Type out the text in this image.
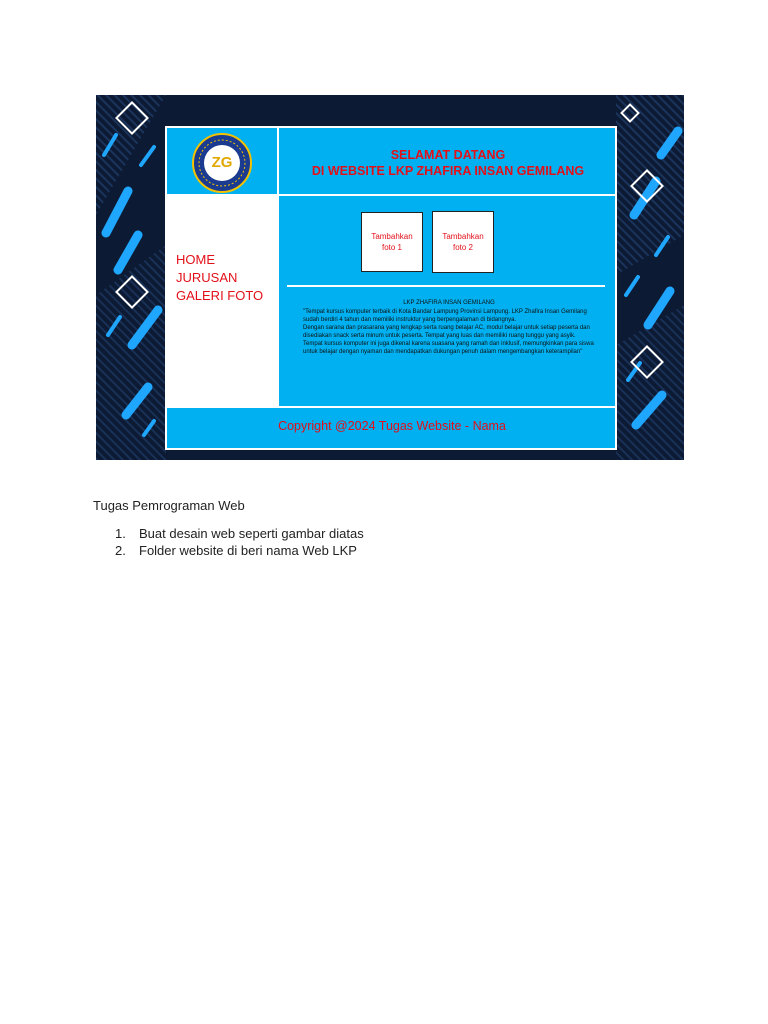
ZG	SELAMAT DATANG
DI WEBSITE LKP ZHAFIRA INSAN GEMILANG
HOME
JURUSAN
GALERI FOTO
Tambahkan foto 1
Tambahkan foto 2
LKP ZHAFIRA INSAN GEMILANG

"Tempat kursus komputer terbaik di Kota Bandar Lampung Provinsi Lampung. LKP Zhafira Insan Gemilang sudah berdiri 4 tahun dan memiliki instruktur yang berpengalaman di bidangnya.

Dengan sarana dan prasarana yang lengkap serta ruang belajar AC, modul belajar untuk setiap peserta dan disediakan snack serta minum untuk peserta. Tempat yang luas dan memiliki ruang tunggu yang asyik. Tempat kursus komputer ini juga dikenal karena suasana yang ramah dan inklusif, memungkinkan para siswa untuk belajar dengan nyaman dan mendapatkan dukungan penuh dalam mengembangkan keterampilan"

Copyright @2024 Tugas Website - Nama
Tugas Pemrograman Web
1. Buat desain web seperti gambar diatas
2. Folder website di beri nama Web LKP
